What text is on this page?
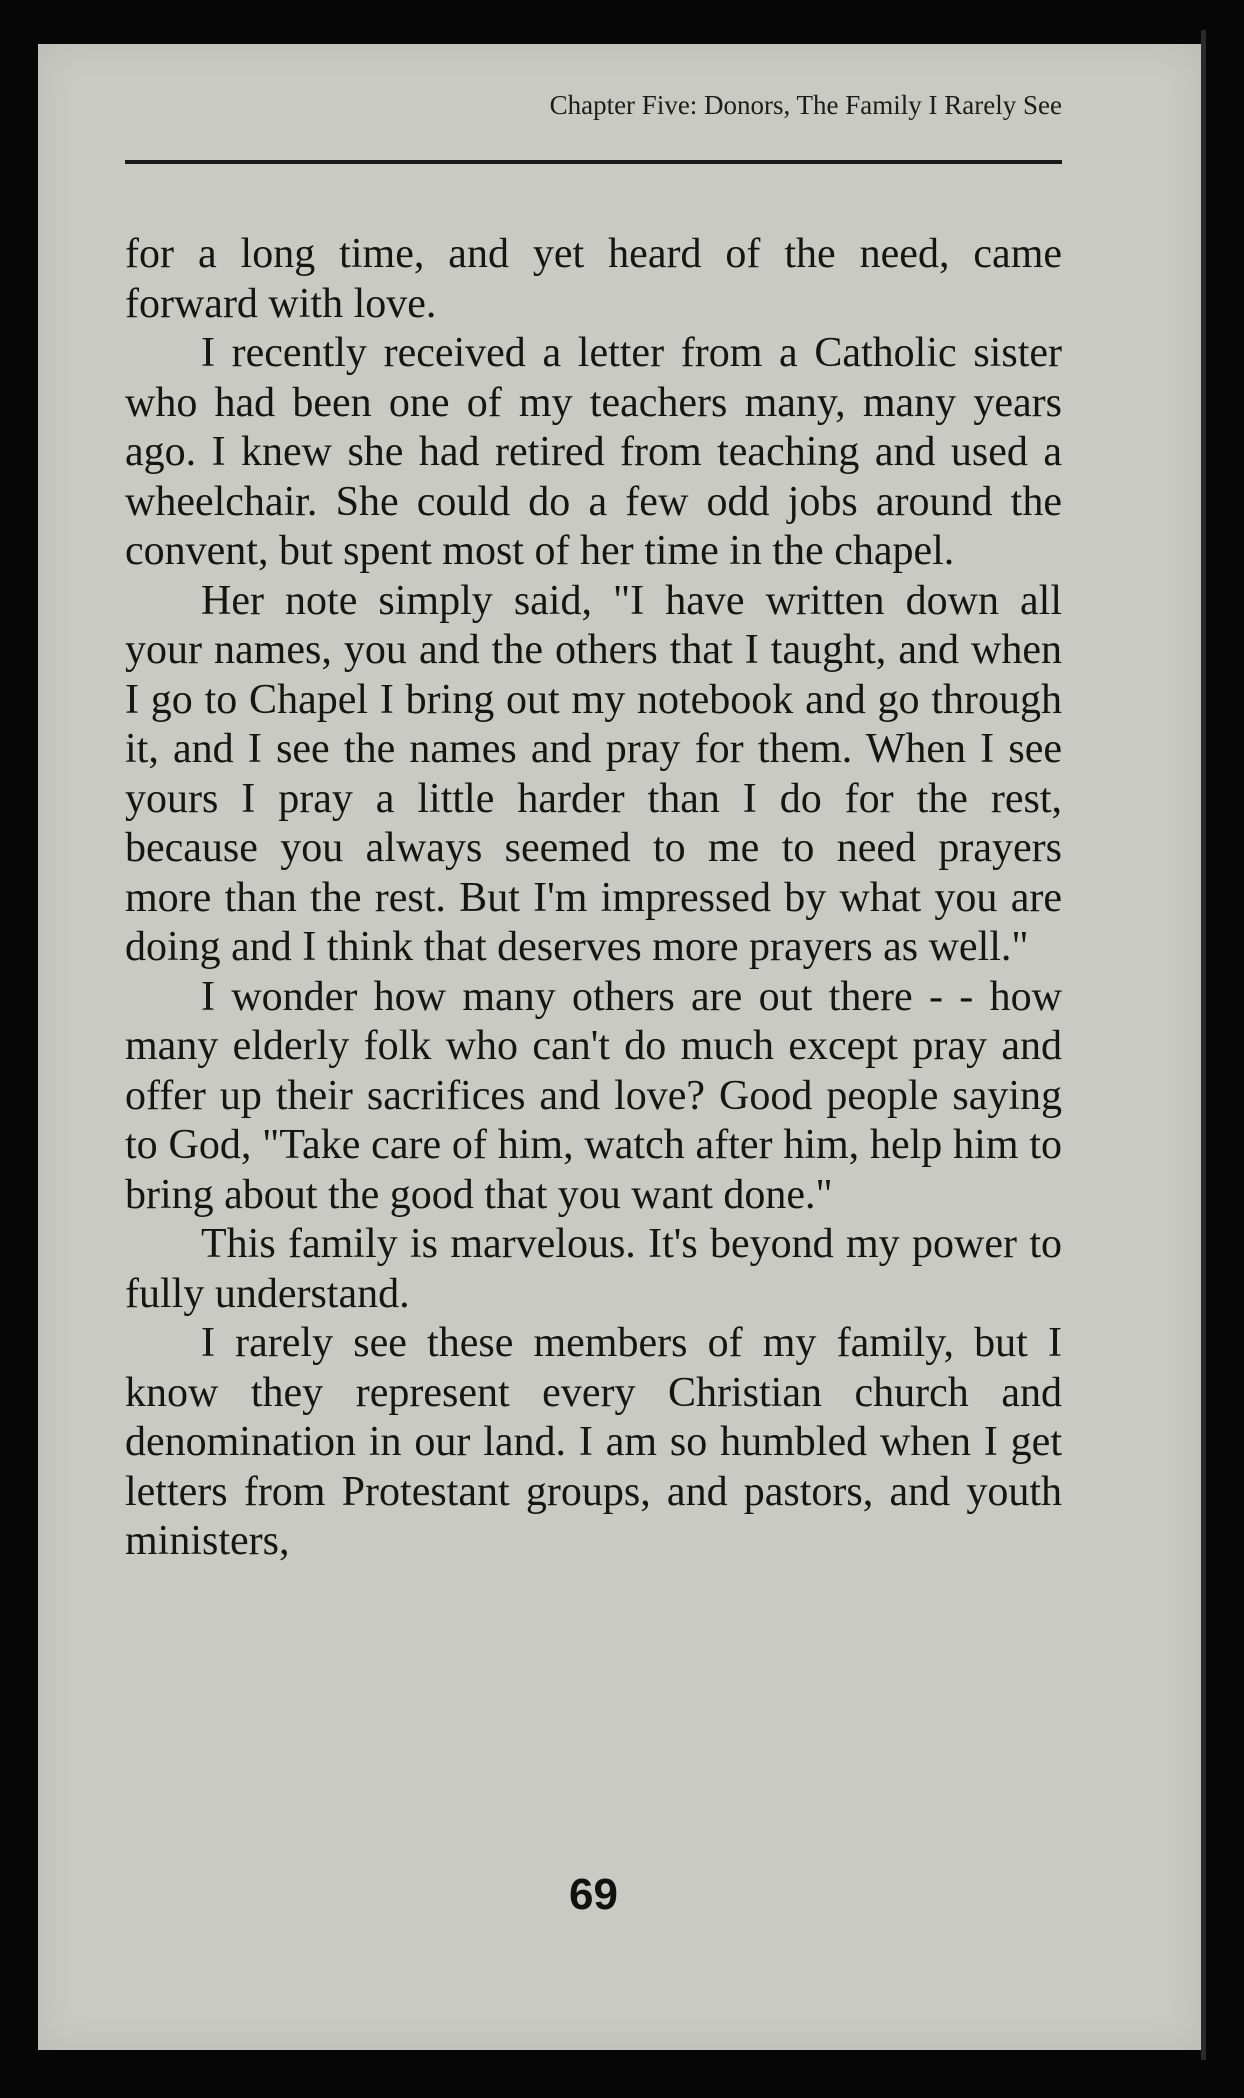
Chapter Five: Donors, The Family I Rarely See

for a long time, and yet heard of the need, came forward with love.

I recently received a letter from a Catholic sister who had been one of my teachers many, many years ago. I knew she had retired from teaching and used a wheelchair. She could do a few odd jobs around the convent, but spent most of her time in the chapel.

Her note simply said, "I have written down all your names, you and the others that I taught, and when I go to Chapel I bring out my notebook and go through it, and I see the names and pray for them. When I see yours I pray a little harder than I do for the rest, because you always seemed to me to need prayers more than the rest. But I'm impressed by what you are doing and I think that deserves more prayers as well."

I wonder how many others are out there - - how many elderly folk who can't do much except pray and offer up their sacrifices and love? Good people saying to God, "Take care of him, watch after him, help him to bring about the good that you want done."

This family is marvelous. It's beyond my power to fully understand.

I rarely see these members of my family, but I know they represent every Christian church and denomination in our land. I am so humbled when I get letters from Protestant groups, and pastors, and youth ministers,

69
